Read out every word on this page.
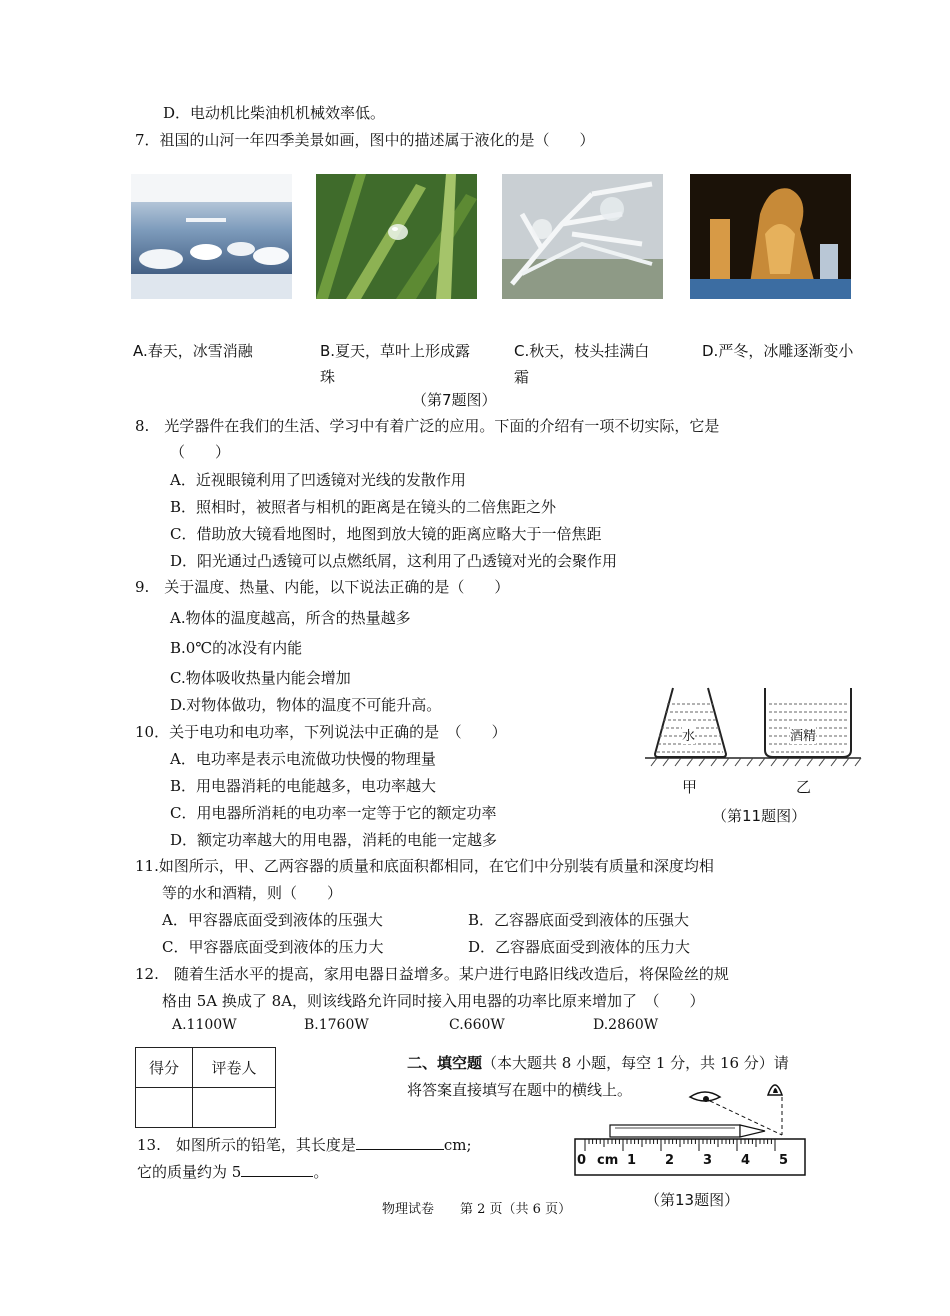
D．电动机比柴油机机械效率低。
7．祖国的山河一年四季美景如画，图中的描述属于液化的是（　　）
A.春天，冰雪消融	B.夏天，草叶上形成露珠
C.秋天，枝头挂满白霜
D.严冬，冰雕逐渐变小
（第7题图）
8.　光学器件在我们的生活、学习中有着广泛的应用。下面的介绍有一项不切实际，它是
（　　）
A．近视眼镜利用了凹透镜对光线的发散作用
B．照相时，被照者与相机的距离是在镜头的二倍焦距之外
C．借助放大镜看地图时，地图到放大镜的距离应略大于一倍焦距
D．阳光通过凸透镜可以点燃纸屑，这利用了凸透镜对光的会聚作用
9.　关于温度、热量、内能，以下说法正确的是（　　）
A.物体的温度越高，所含的热量越多
B.0℃的冰没有内能
C.物体吸收热量内能会增加
D.对物体做功，物体的温度不可能升高。
10．关于电功和电功率，下列说法中正确的是　（　　）
A．电功率是表示电流做功快慢的物理量
B．用电器消耗的电能越多，电功率越大
C．用电器所消耗的电功率一定等于它的额定功率
D．额定功率越大的用电器，消耗的电能一定越多
水	酒精
甲	乙
（第11题图）
11.如图所示，甲、乙两容器的质量和底面积都相同，在它们中分别装有质量和深度均相
等的水和酒精，则（　　）
A．甲容器底面受到液体的压强大	B．乙容器底面受到液体的压强大
C．甲容器底面受到液体的压力大	D．乙容器底面受到液体的压力大
12.　随着生活水平的提高，家用电器日益增多。某户进行电路旧线改造后，将保险丝的规
格由 5A 换成了 8A，则该线路允许同时接入用电器的功率比原来增加了　（　　）
A.1100W	B.1760W	C.660W	D.2860W
得分	评卷人
		二、填空题（本大题共 8 小题，每空 1 分，共 16 分）请
将答案直接填写在题中的横线上。
13.　如图所示的铅笔，其长度是	cm;
它的质量约为 5	。
0 cm 1 2 3 4 5
（第13题图）
物理试卷　　第 2 页（共 6 页）
